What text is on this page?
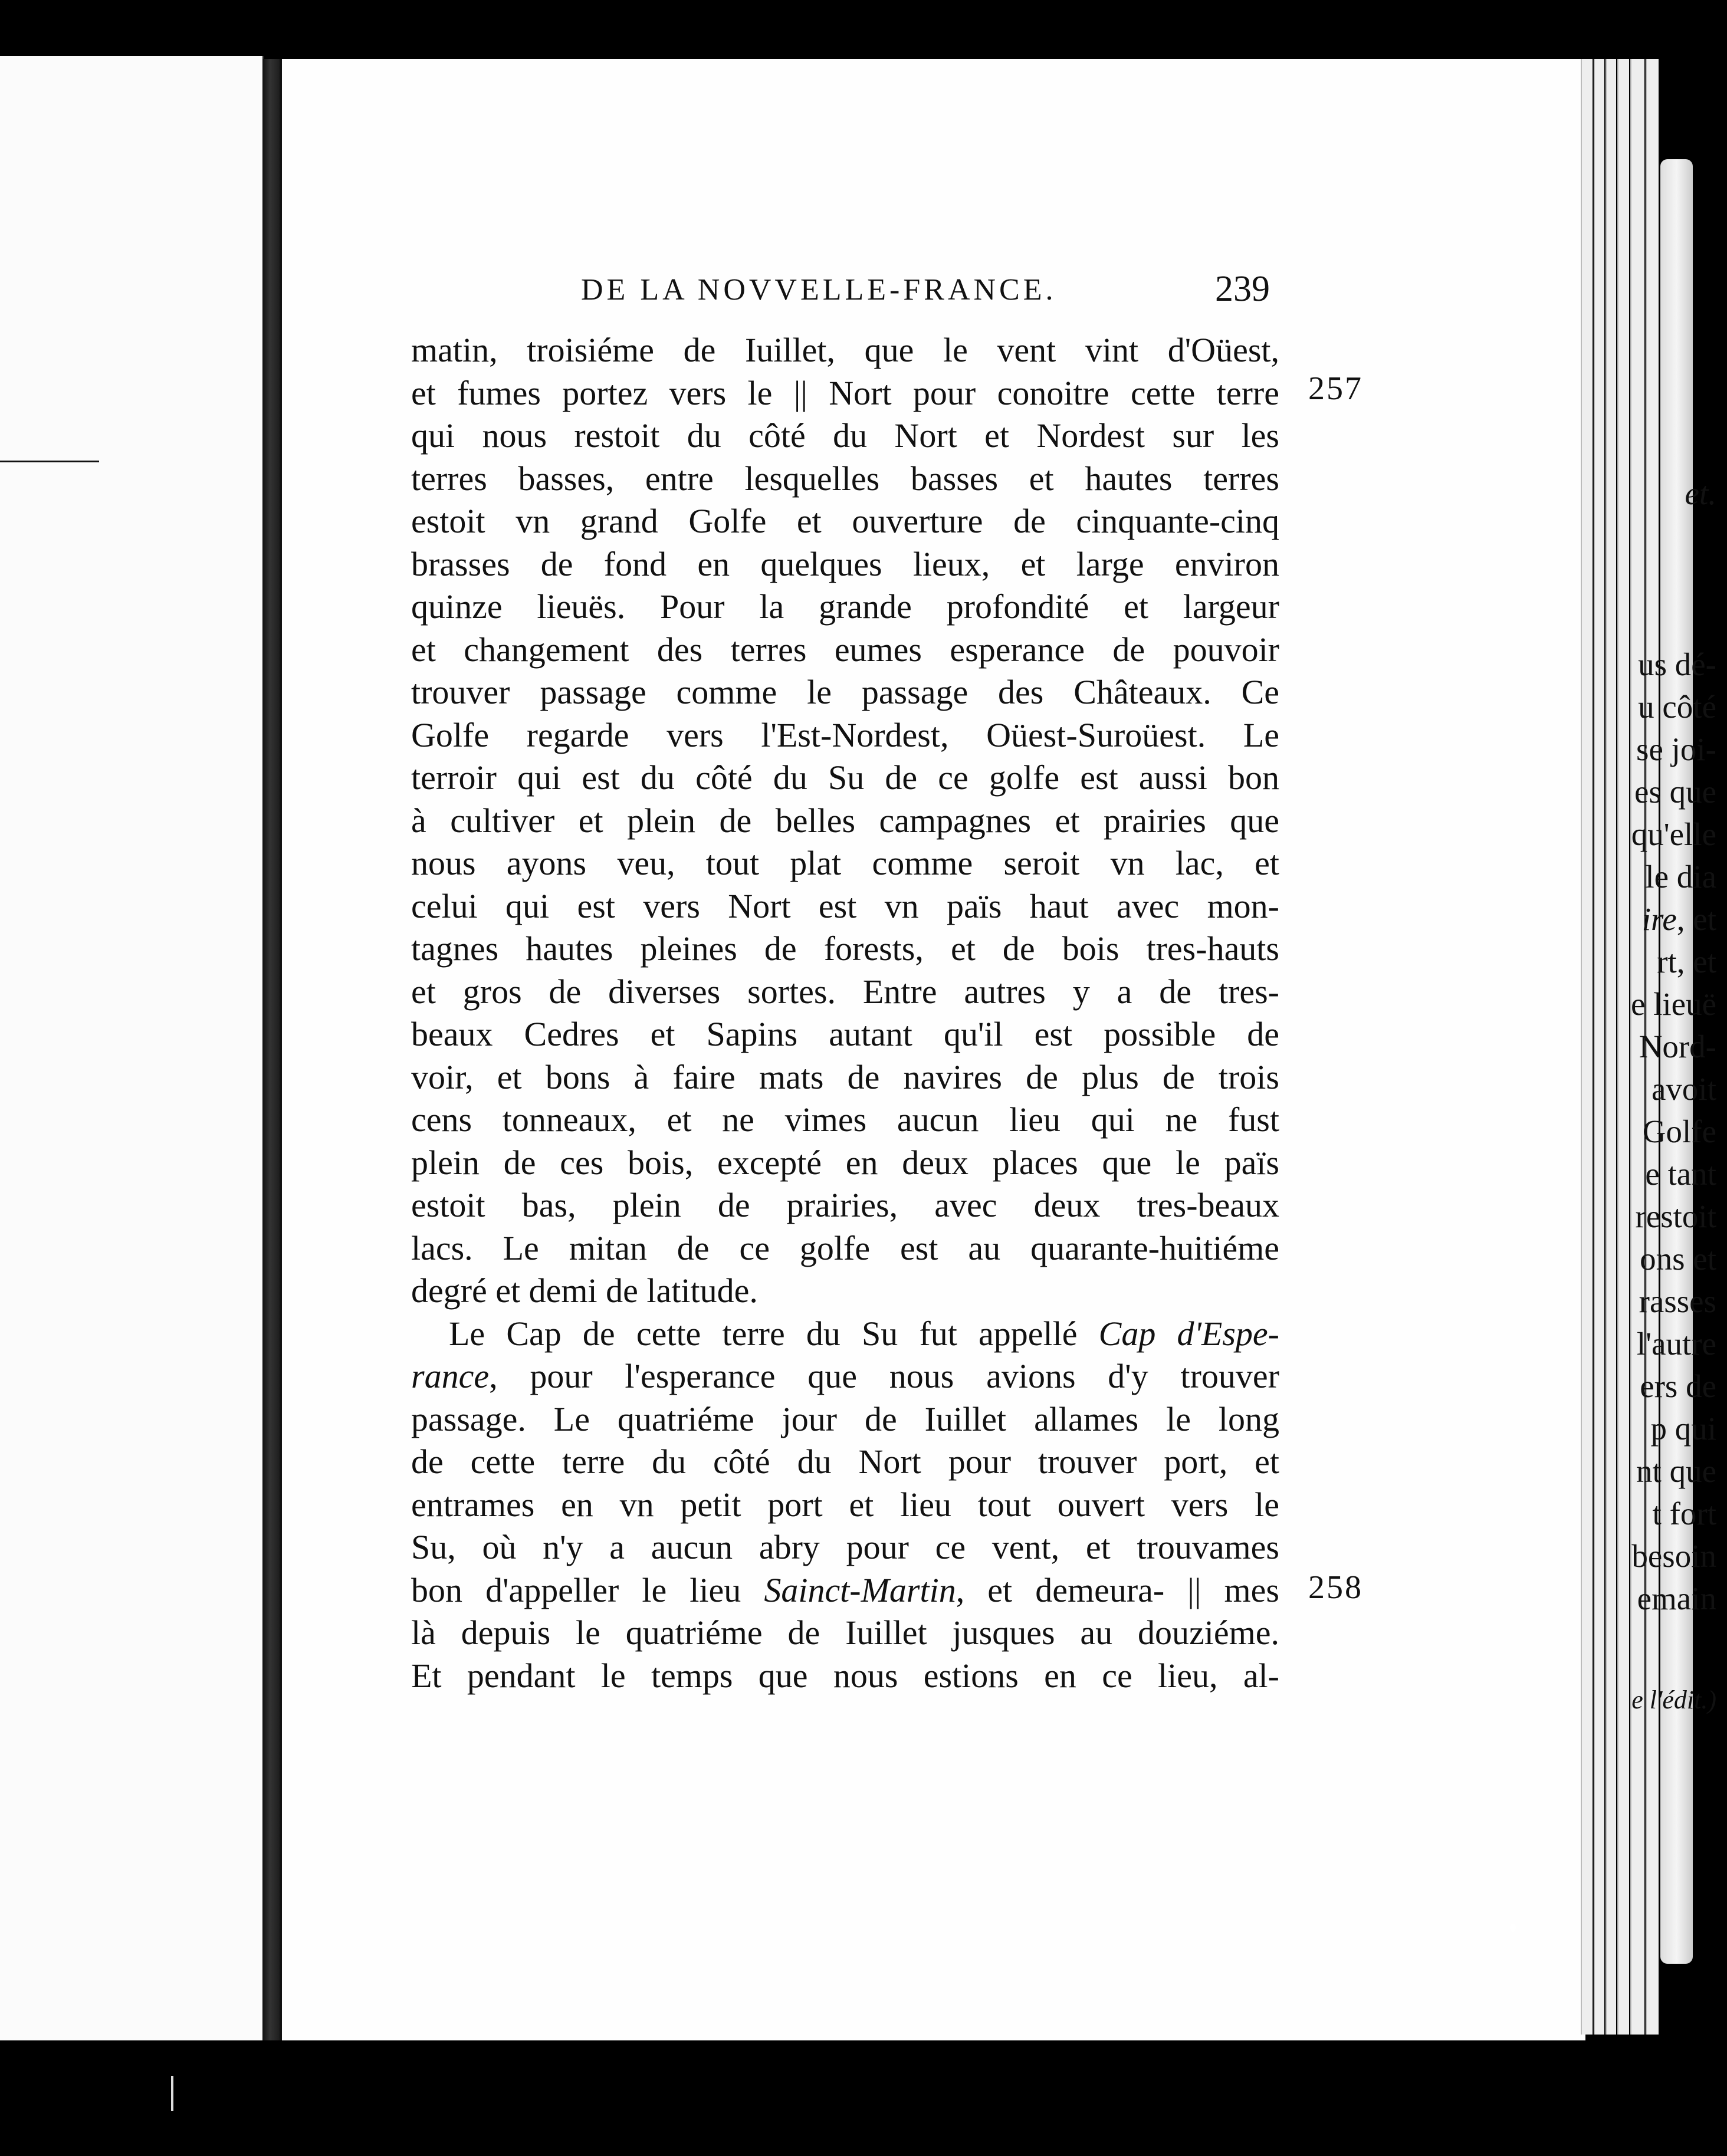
et.

us dé-

u côté

se joi-

es que

qu'elle

le dia

ire, et

rt, et

e lieuë

Nord-

avoit

Golfe

e tant

restoit

ons et

rasses

l'autre

ers de

p qui

nt que

t fort

besoin

emain

e l'édit.)

DE LA NOVVELLE-FRANCE.	239
257
258
matin, troisiéme de Iuillet, que le vent vint d'Oüest,
et fumes portez vers le || Nort pour conoitre cette terre
qui nous restoit du côté du Nort et Nordest sur les
terres basses, entre lesquelles basses et hautes terres
estoit vn grand Golfe et ouverture de cinquante-cinq
brasses de fond en quelques lieux, et large environ
quinze lieuës. Pour la grande profondité et largeur
et changement des terres eumes esperance de pouvoir
trouver passage comme le passage des Châteaux. Ce
Golfe regarde vers l'Est-Nordest, Oüest-Suroüest. Le
terroir qui est du côté du Su de ce golfe est aussi bon
à cultiver et plein de belles campagnes et prairies que
nous ayons veu, tout plat comme seroit vn lac, et
celui qui est vers Nort est vn païs haut avec mon-
tagnes hautes pleines de forests, et de bois tres-hauts
et gros de diverses sortes. Entre autres y a de tres-
beaux Cedres et Sapins autant qu'il est possible de
voir, et bons à faire mats de navires de plus de trois
cens tonneaux, et ne vimes aucun lieu qui ne fust
plein de ces bois, excepté en deux places que le païs
estoit bas, plein de prairies, avec deux tres-beaux
lacs. Le mitan de ce golfe est au quarante-huitiéme
degré et demi de latitude.
Le Cap de cette terre du Su fut appellé Cap d'Espe-
rance, pour l'esperance que nous avions d'y trouver
passage. Le quatriéme jour de Iuillet allames le long
de cette terre du côté du Nort pour trouver port, et
entrames en vn petit port et lieu tout ouvert vers le
Su, où n'y a aucun abry pour ce vent, et trouvames
bon d'appeller le lieu Sainct-Martin, et demeura- || mes
là depuis le quatriéme de Iuillet jusques au douziéme.
Et pendant le temps que nous estions en ce lieu, al-
